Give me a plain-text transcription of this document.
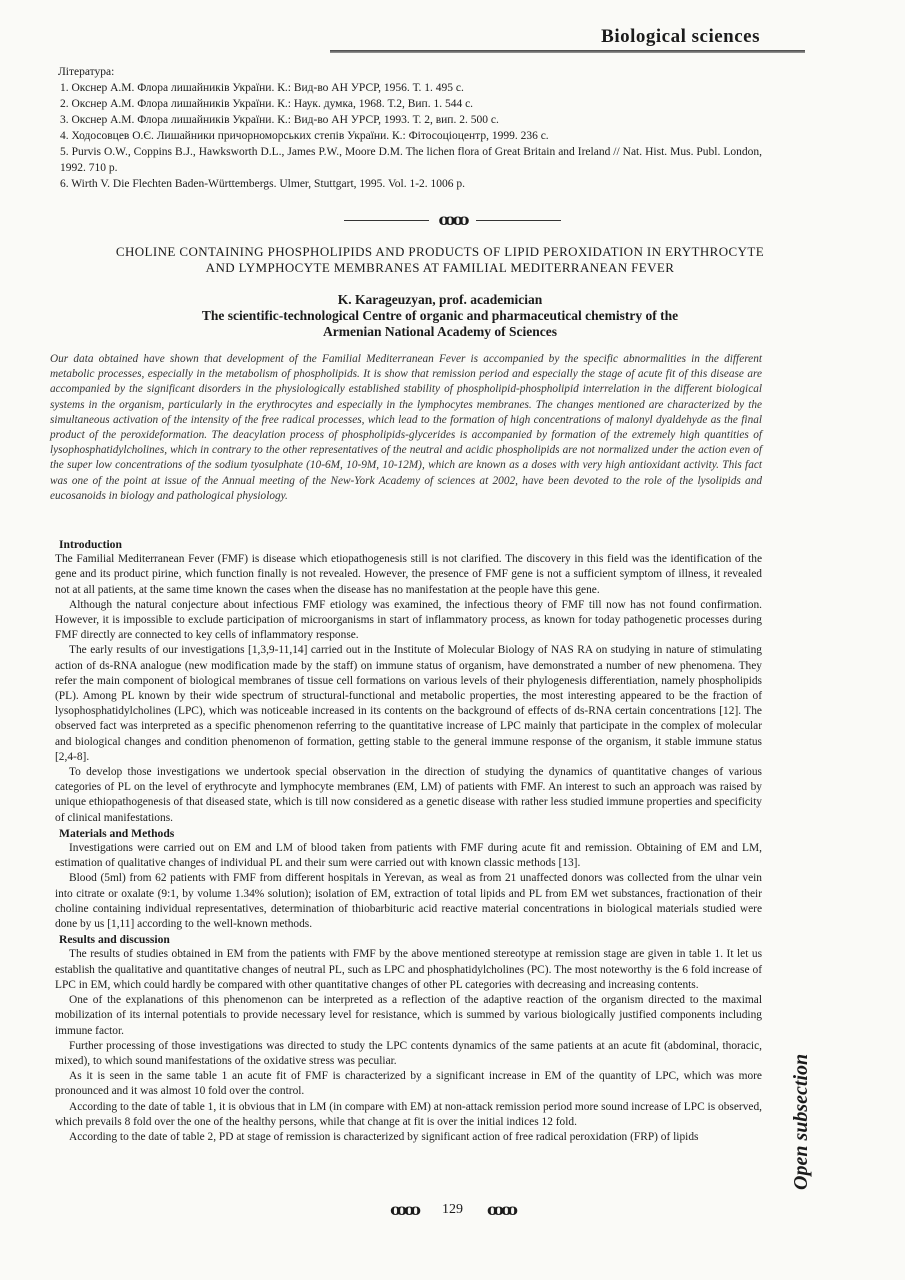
Biological sciences
Література:
1. Окснер А.М. Флора лишайників України. К.: Вид-во АН УРСР, 1956. Т. 1. 495 с.
2. Окснер А.М. Флора лишайників України. К.: Наук. думка, 1968. Т.2, Вип. 1. 544 с.
3. Окснер А.М. Флора лишайників України. К.: Вид-во АН УРСР, 1993. Т. 2, вип. 2. 500 с.
4. Ходосовцев О.Є. Лишайники причорноморських степів України. К.: Фітосоціоцентр, 1999. 236 с.
5. Purvis O.W., Coppins B.J., Hawksworth D.L., James P.W., Moore D.M. The lichen flora of Great Britain and Ireland // Nat. Hist. Mus. Publ. London, 1992. 710 p.
6. Wirth V. Die Flechten Baden-Württembergs. Ulmer, Stuttgart, 1995. Vol. 1-2. 1006 p.
ꝏꝏ
CHOLINE CONTAINING PHOSPHOLIPIDS AND PRODUCTS OF LIPID PEROXIDATION IN ERYTHROCYTE
AND LYMPHOCYTE MEMBRANES AT FAMILIAL MEDITERRANEAN FEVER
K. Karageuzyan, prof. academician
The scientific-technological Centre of organic and pharmaceutical chemistry of the
Armenian National Academy of Sciences
Our data obtained have shown that development of the Familial Mediterranean Fever is accompanied by the specific abnormalities in the different metabolic processes, especially in the metabolism of phospholipids. It is show that remission period and especially the stage of acute fit of this disease are accompanied by the significant disorders in the physiologically established stability of phospholipid-phospholipid interrelation in the different biological systems in the organism, particularly in the erythrocytes and especially in the lymphocytes membranes. The changes mentioned are characterized by the simultaneous activation of the intensity of the free radical processes, which lead to the formation of high concentrations of malonyl dyaldehyde as the final product of the peroxideformation. The deacylation process of phospholipids-glycerides is accompanied by formation of the extremely high quantities of lysophosphatidylcholines, which in contrary to the other representatives of the neutral and acidic phospholipids are not normalized under the action even of the super low concentrations of the sodium tyosulphate (10-6M, 10-9M, 10-12M), which are known as a doses with very high antioxidant activity. This fact was one of the point at issue of the Annual meeting of the New-York Academy of sciences at 2002, have been devoted to the role of the lysolipids and eucosanoids in biology and pathological physiology.
Introduction

The Familial Mediterranean Fever (FMF) is disease which etiopathogenesis still is not clarified. The discovery in this field was the identification of the gene and its product pirine, which function finally is not revealed. However, the presence of FMF gene is not a sufficient symptom of illness, it revealed not at all patients, at the same time known the cases when the disease has no manifestation at the people have this gene.

Although the natural conjecture about infectious FMF etiology was examined, the infectious theory of FMF till now has not found confirmation. However, it is impossible to exclude participation of microorganisms in start of inflammatory process, as known for today pathogenetic processes during FMF directly are connected to key cells of inflammatory response.

The early results of our investigations [1,3,9-11,14] carried out in the Institute of Molecular Biology of NAS RA on studying in nature of stimulating action of ds-RNA analogue (new modification made by the staff) on immune status of organism, have demonstrated a number of new phenomena. They refer the main component of biological membranes of tissue cell formations on various levels of their phylogenesis differentiation, namely phospholipids (PL). Among PL known by their wide spectrum of structural-functional and metabolic properties, the most interesting appeared to be the fraction of lysophosphatidylcholines (LPC), which was noticeable increased in its contents on the background of effects of ds-RNA certain concentrations [12]. The observed fact was interpreted as a specific phenomenon referring to the quantitative increase of LPC mainly that participate in the complex of molecular and biological changes and condition phenomenon of formation, getting stable to the general immune response of the organism, it stable immune status [2,4-8].

To develop those investigations we undertook special observation in the direction of studying the dynamics of quantitative changes of various categories of PL on the level of erythrocyte and lymphocyte membranes (EM, LM) of patients with FMF. An interest to such an approach was raised by unique ethiopathogenesis of that diseased state, which is till now considered as a genetic disease with rather less studied immune properties and specificity of clinical manifestations.

Materials and Methods

Investigations were carried out on EM and LM of blood taken from patients with FMF during acute fit and remission. Obtaining of EM and LM, estimation of qualitative changes of individual PL and their sum were carried out with known classic methods [13].

Blood (5ml) from 62 patients with FMF from different hospitals in Yerevan, as weal as from 21 unaffected donors was collected from the ulnar vein into citrate or oxalate (9:1, by volume 1.34% solution); isolation of EM, extraction of total lipids and PL from EM wet substances, fractionation of their choline containing individual representatives, determination of thiobarbituric acid reactive material concentrations in biological materials studied were done by us [1,11] according to the well-known methods.

Results and discussion

The results of studies obtained in EM from the patients with FMF by the above mentioned stereotype at remission stage are given in table 1. It let us establish the qualitative and quantitative changes of neutral PL, such as LPC and phosphatidylcholines (PC). The most noteworthy is the 6 fold increase of LPC in EM, which could hardly be compared with other quantitative changes of other PL categories with decreasing and increasing contents.

One of the explanations of this phenomenon can be interpreted as a reflection of the adaptive reaction of the organism directed to the maximal mobilization of its internal potentials to provide necessary level for resistance, which is summed by various biologically justified components including immune factor.

Further processing of those investigations was directed to study the LPC contents dynamics of the same patients at an acute fit (abdominal, thoracic, mixed), to which sound manifestations of the oxidative stress was peculiar.

As it is seen in the same table 1 an acute fit of FMF is characterized by a significant increase in EM of the quantity of LPC, which was more pronounced and it was almost 10 fold over the control.

According to the date of table 1, it is obvious that in LM (in compare with EM) at non-attack remission period more sound increase of LPC is observed, which prevails 8 fold over the one of the healthy persons, while that change at fit is over the initial indices 12 fold.

According to the date of table 2, PD at stage of remission is characterized by significant action of free radical peroxidation (FRP) of lipids	Open subsection
ꝏꝏ 129 ꝏꝏ
